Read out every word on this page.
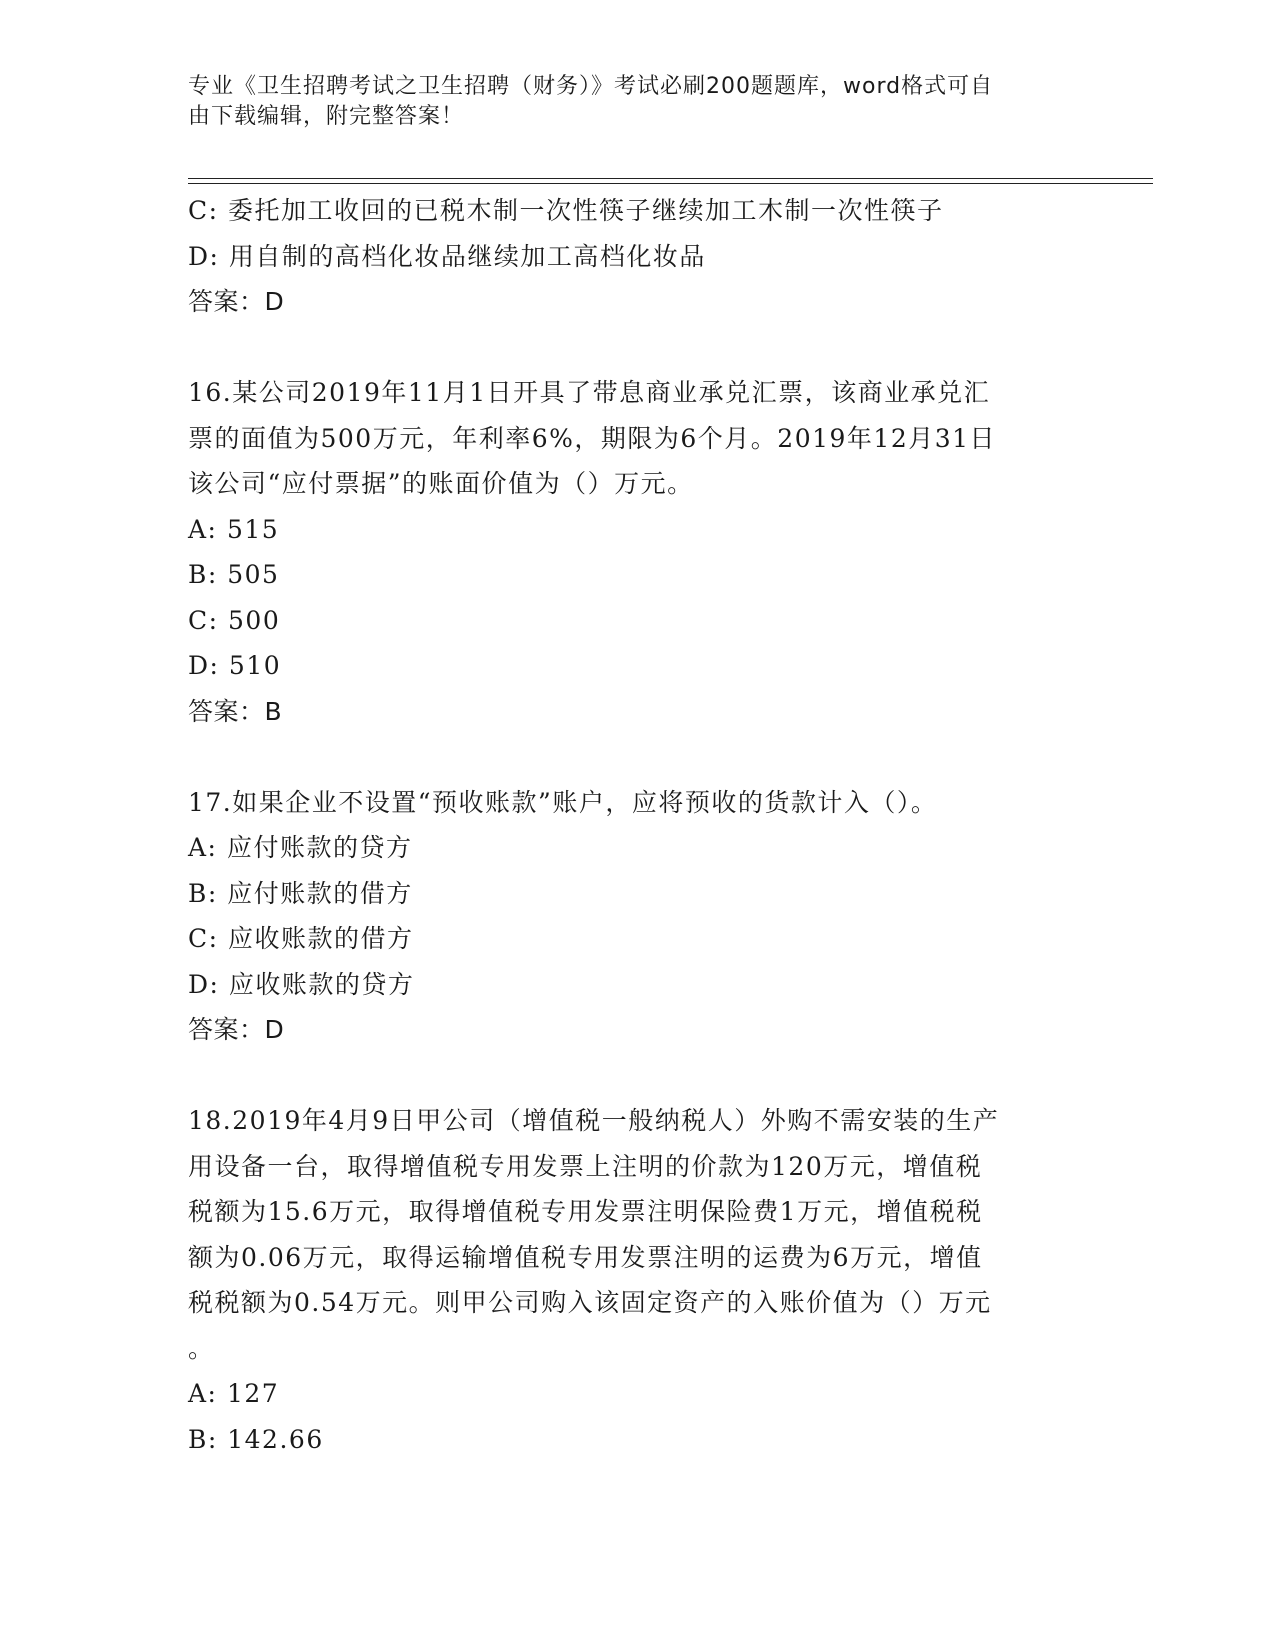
专业《卫生招聘考试之卫生招聘（财务）》考试必刷200题题库，word格式可自
由下载编辑，附完整答案！
C: 委托加工收回的已税木制一次性筷子继续加工木制一次性筷子
D: 用自制的高档化妆品继续加工高档化妆品
答案：D
16.某公司2019年11月1日开具了带息商业承兑汇票，该商业承兑汇
票的面值为500万元，年利率6%，期限为6个月。2019年12月31日
该公司“应付票据”的账面价值为（）万元。
A: 515
B: 505
C: 500
D: 510
答案：B
17.如果企业不设置“预收账款”账户，应将预收的货款计入（）。
A: 应付账款的贷方
B: 应付账款的借方
C: 应收账款的借方
D: 应收账款的贷方
答案：D
18.2019年4月9日甲公司（增值税一般纳税人）外购不需安装的生产
用设备一台，取得增值税专用发票上注明的价款为120万元，增值税
税额为15.6万元，取得增值税专用发票注明保险费1万元，增值税税
额为0.06万元，取得运输增值税专用发票注明的运费为6万元，增值
税税额为0.54万元。则甲公司购入该固定资产的入账价值为（）万元
。
A: 127
B: 142.66
